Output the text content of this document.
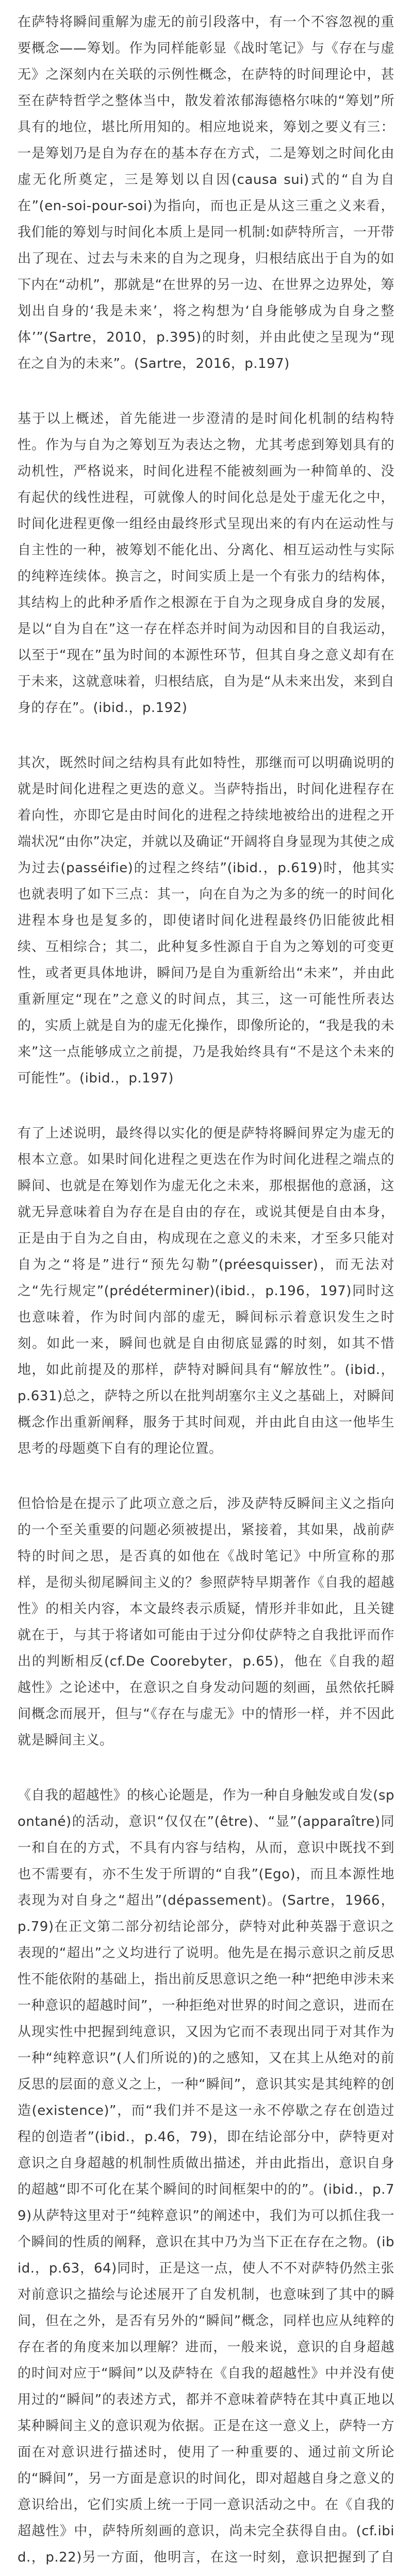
在萨特将瞬间重解为虚无的前引段落中，有一个不容忽视的重要概念——筹划。作为同样能彰显《战时笔记》与《存在与虚无》之深刻内在关联的示例性概念，在萨特的时间理论中，甚至在萨特哲学之整体当中，散发着浓郁海德格尔味的“筹划”所具有的地位，堪比所用知的。相应地说来，筹划之要义有三：一是筹划乃是自为存在的基本存在方式，二是筹划之时间化由虚无化所奠定，三是筹划以自因(causa sui)式的“自为自在”(en-soi-pour-soi)为指向，而也正是从这三重之义来看，我们能的筹划与时间化本质上是同一机制:如萨特所言，一开带出了现在、过去与未来的自为之现身，归根结底出于自为的如下内在“动机”，那就是“在世界的另一边、在世界之边界处，筹划出自身的‘我是未来’，将之构想为‘自身能够成为自身之整体’”(Sartre，2010，p.395)的时刻，并由此使之呈现为“现在之自为的未来”。(Sartre，2016，p.197)

基于以上概述，首先能进一步澄清的是时间化机制的结构特性。作为与自为之筹划互为表达之物，尤其考虑到筹划具有的动机性，严格说来，时间化进程不能被刻画为一种简单的、没有起伏的线性进程，可就像人的时间化总是处于虚无化之中，时间化进程更像一组经由最终形式呈现出来的有内在运动性与自主性的一种，被筹划不能化出、分离化、相互运动性与实际的纯粹连续体。换言之，时间实质上是一个有张力的结构体，其结构上的此种矛盾作之根源在于自为之现身成自身的发展，是以“自为自在”这一存在样态并时间为动因和目的自我运动，以至于“现在”虽为时间的本源性环节，但其自身之意义却有在于未来，这就意味着，归根结底，自为是“从未来出发，来到自身的存在”。(ibid.，p.192)

其次，既然时间之结构具有此如特性，那继而可以明确说明的就是时间化进程之更迭的意义。当萨特指出，时间化进程存在着向性，亦即它是由时间化的进程之持续地被给出的进程之开端状况“由你”决定，并就以及确证“开阔将自身显现为其使之成为过去(passéifie)的过程之终结”(ibid.，p.619)时，他其实也就表明了如下三点：其一，向在自为之为多的统一的时间化进程本身也是复多的，即使诸时间化进程最终仍旧能彼此相续、互相综合；其二，此种复多性源自于自为之筹划的可变更性，或者更具体地讲，瞬间乃是自为重新给出“未来”，并由此重新厘定“现在”之意义的时间点，其三，这一可能性所表达的，实质上就是自为的虚无化操作，即像所论的，“我是我的未来”这一点能够成立之前提，乃是我始终具有“不是这个未来的可能性”。(ibid.，p.197)

有了上述说明，最终得以实化的便是萨特将瞬间界定为虚无的根本立意。如果时间化进程之更迭在作为时间化进程之端点的瞬间、也就是在筹划作为虚无化之未来，那根据他的意涵，这就无异意味着自为存在是自由的存在，或说其便是自由本身，正是由于自为之自由，构成现在之意义的未来，才至多只能对自为之“将是”进行“预先勾勒”(préesquisser)，而无法对之“先行规定”(prédéterminer)(ibid.，p.196，197)同时这也意味着，作为时间内部的虚无，瞬间标示着意识发生之时刻。如此一来，瞬间也就是自由彻底显露的时刻，如其不惜地，如此前提及的那样，萨特对瞬间具有“解放性”。(ibid.，p.631)总之，萨特之所以在批判胡塞尔主义之基础上，对瞬间概念作出重新阐释，服务于其时间观，并由此自由这一他毕生思考的母题奠下自有的理论位置。

但恰恰是在提示了此项立意之后，涉及萨特反瞬间主义之指向的一个至关重要的问题必须被提出，紧接着，其如果，战前萨特的时间之思，是否真的如他在《战时笔记》中所宣称的那样，是彻头彻尾瞬间主义的？参照萨特早期著作《自我的超越性》的相关内容，本文最终表示质疑，情形并非如此，且关键就在于，与其于将诸如可能由于过分仰仗萨特之自我批评而作出的判断相反(cf.De Coorebyter，p.65)，他在《自我的超越性》之论述中，在意识之自身发动问题的刻画，虽然依托瞬间概念而展开，但与“《存在与虚无》中的情形一样，并不因此就是瞬间主义。

《自我的超越性》的核心论题是，作为一种自身触发或自发(spontané)的活动，意识“仅仅在”(être)、“显”(apparaître)同一和自在的方式，不具有内容与结构，从而，意识中既找不到也不需要有，亦不生发于所谓的“自我”(Ego)，而且本源性地表现为对自身之“超出”(dépassement)。(Sartre，1966，p.79)在正文第二部分初结论部分，萨特对此种英器于意识之表现的“超出”之义均进行了说明。他先是在揭示意识之前反思性不能依附的基础上，指出前反思意识之绝一种“把绝申涉未来一种意识的超越时间”，一种拒绝对世界的时间之意识，进而在从现实性中把握到纯意识，又因为它而不表现出同于对其作为一种“纯粹意识”(人们所说的)的之感知，又在其上从绝对的前反思的层面的意义之上，一种“瞬间”，意识其实是其纯粹的创造(existence)”，而“我们并不是这一永不停歇之存在创造过程的创造者”(ibid.，p.46，79)，即在结论部分中，萨特更对意识之自身超越的机制性质做出描述，并由此指出，意识自身的超越“即不可化在某个瞬间的时间框架中的的”。(ibid.，p.79)从萨特这里对于“纯粹意识”的阐述中，我们为可以抓住我一个瞬间的性质的阐释，意识在其中乃为当下正在存在之物。(ibid.，p.63，64)同时，正是这一点，使人不不对萨特仍然主张对前意识之描绘与论述展开了自发机制，也意味到了其中的瞬间，但在之外，是否有另外的“瞬间”概念，同样也应从纯粹的存在者的角度来加以理解？进而，一般来说，意识的自身超越的时间对应于“瞬间”以及萨特在《自我的超越性》中并没有使用过的“瞬间”的表述方式，都并不意味着萨特在其中真正地以某种瞬间主义的意识观为依据。正是在这一意义上，萨特一方面在对意识进行描述时，使用了一种重要的、通过前文所论的“瞬间”，另一方面是意识的时间化，即对超越自身之意义的意识给出，它们实质上统一于同一意识活动之中。在《自我的超越性》中，萨特所刻画的意识，尚未完全获得自由。(cf.ibid.，p.22)另一方面，他明言，在这一时刻，意识把握到了自
